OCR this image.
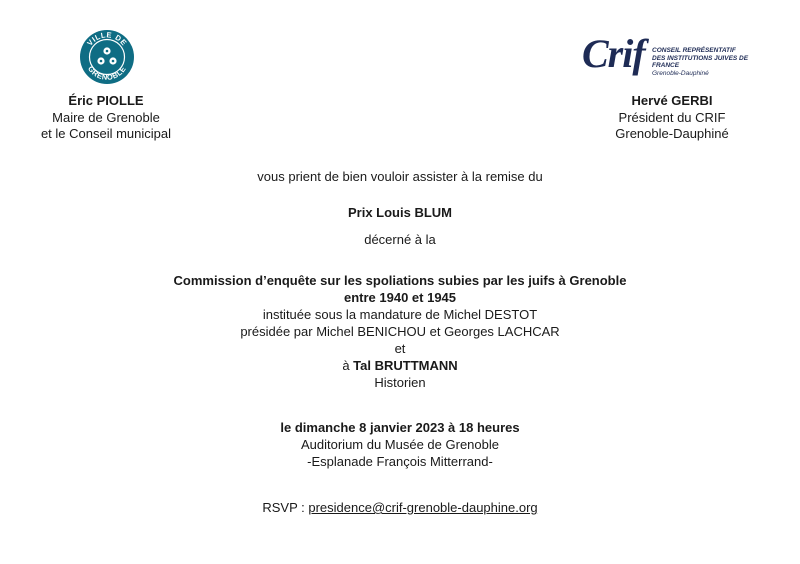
VILLE DE
GRENOBLE	Crif CONSEIL REPRÉSENTATIF
DES INSTITUTIONS JUIVES DE FRANCE
Grenoble-Dauphiné
Éric PIOLLE
Maire de Grenoble
et le Conseil municipal
Hervé GERBI
Président du CRIF
Grenoble-Dauphiné
vous prient de bien vouloir assister à la remise du
Prix Louis BLUM
décerné à la
Commission d’enquête sur les spoliations subies par les juifs à Grenoble
entre 1940 et 1945
instituée sous la mandature de Michel DESTOT
présidée par Michel BENICHOU et Georges LACHCAR
et
à Tal BRUTTMANN
Historien
le dimanche 8 janvier 2023 à 18 heures
Auditorium du Musée de Grenoble
-Esplanade François Mitterrand-
RSVP : presidence@crif-grenoble-dauphine.org
